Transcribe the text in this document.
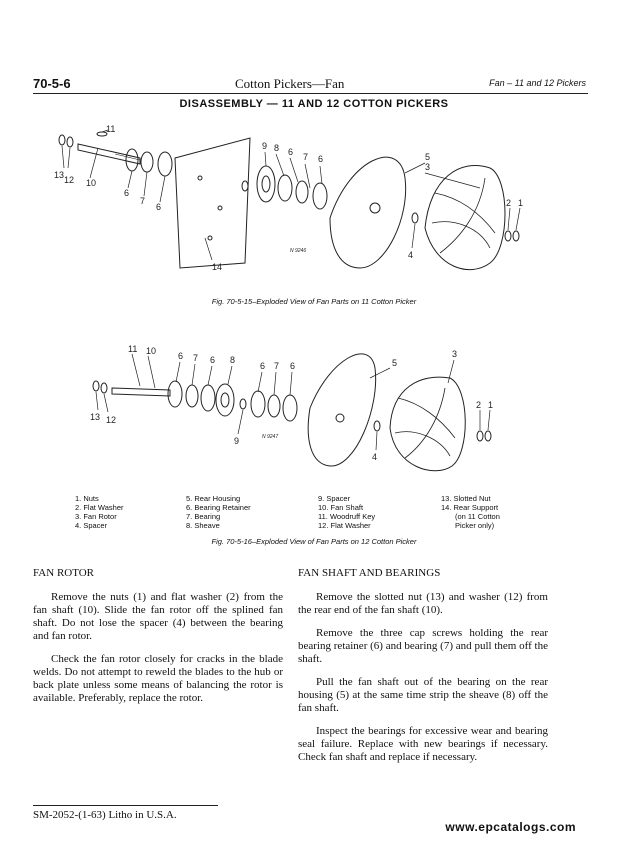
70-5-6	Cotton Pickers—Fan	Fan – 11 and 12 Pickers
DISASSEMBLY — 11 AND 12 COTTON PICKERS
11
13 12 10
6
7
6
9 8 6 7 6	5
3
2 1
4
14
N 9246
Fig. 70-5-15–Exploded View of Fan Parts on 11 Cotton Picker
11 10 6 7 6 8
6 7 6	5
3
2 1
13 12
9
4
N 9247
1. Nuts
2. Flat Washer
3. Fan Rotor
4. Spacer
5. Rear Housing
6. Bearing Retainer
7. Bearing
8. Sheave
9. Spacer
10. Fan Shaft
11. Woodruff Key
12. Flat Washer
13. Slotted Nut
14. Rear Support
(on 11 Cotton
Picker only)
Fig. 70-5-16–Exploded View of Fan Parts on 12 Cotton Picker
FAN ROTOR

Remove the nuts (1) and flat washer (2) from the fan shaft (10). Slide the fan rotor off the splined fan shaft. Do not lose the spacer (4) between the bearing and fan rotor.

Check the fan rotor closely for cracks in the blade welds. Do not attempt to reweld the blades to the hub or back plate unless some means of balancing the rotor is available. Preferably, replace the rotor.

FAN SHAFT AND BEARINGS

Remove the slotted nut (13) and washer (12) from the rear end of the fan shaft (10).

Remove the three cap screws holding the rear bearing retainer (6) and bearing (7) and pull them off the shaft.

Pull the fan shaft out of the bearing on the rear housing (5) at the same time strip the sheave (8) off the fan shaft.

Inspect the bearings for excessive wear and bearing seal failure. Replace with new bearings if necessary. Check fan shaft and replace if necessary.

SM-2052-(1-63) Litho in U.S.A.
www.epcatalogs.com
